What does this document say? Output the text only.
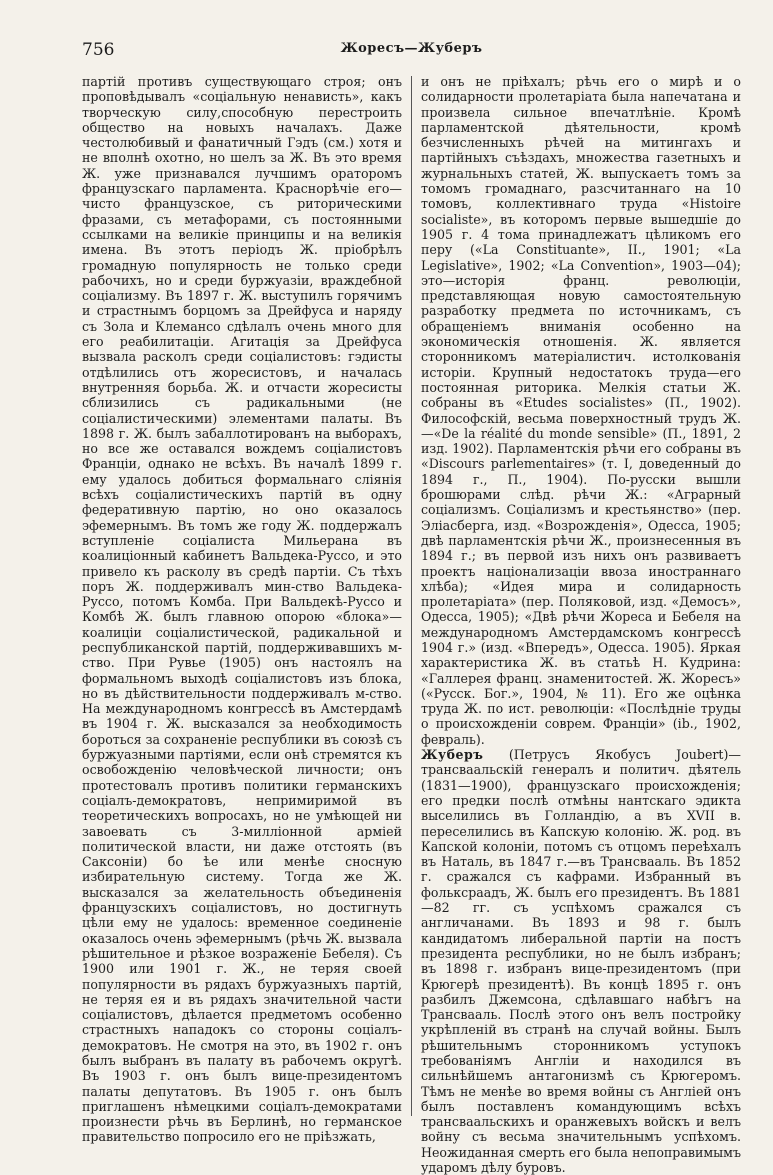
756	Жоресъ—Жуберъ

партій противъ существующаго строя; онъ проповѣдывалъ «соціальную ненависть», какъ творческую силу,способную перестроить общество на новыхъ началахъ. Даже честолюбивый и фанатичный Гэдъ (см.) хотя и не вполнѣ охотно, но шелъ за Ж. Въ это время Ж. уже признавался лучшимъ ораторомъ французскаго парламента. Краснорѣчіе его—чисто французское, съ риторическими фразами, съ метафорами, съ постоянными ссылками на великіе принципы и на великія имена. Въ этотъ періодъ Ж. пріобрѣлъ громадную популярность не только среди рабочихъ, но и среди буржуазіи, враждебной соціализму. Въ 1897 г. Ж. выступилъ горячимъ и страстнымъ борцомъ за Дрейфуса и наряду съ Зола и Клемансо сдѣлалъ очень много для его реабилитаціи. Агитація за Дрейфуса вызвала расколъ среди соціалистовъ: гэдисты отдѣлились отъ жоресистовъ, и началась внутренняя борьба. Ж. и отчасти жоресисты сблизились съ радикальными (не соціалистическими) элементами палаты. Въ 1898 г. Ж. былъ забаллотированъ на выборахъ, но все же оставался вождемъ соціалистовъ Франціи, однако не всѣхъ. Въ началѣ 1899 г. ему удалось добиться формальнаго слiянія всѣхъ соціалистическихъ партій въ одну федеративную партію, но оно оказалось эфемернымъ. Въ томъ же году Ж. поддержалъ вступленіе соціалиста Мильерана въ коалиціонный кабинетъ Вальдека-Руссо, и это привело къ расколу въ средѣ партіи. Съ тѣхъ поръ Ж. поддерживалъ мин-ство Вальдека-Руссо, потомъ Комба. При Вальдекѣ-Руссо и Комбѣ Ж. былъ главною опорою «блока»—коалиціи соціалистической, радикальной и республиканской партій, поддерживавшихъ м-ство. При Рувье (1905) онъ настоялъ на формальномъ выходѣ соціалистовъ изъ блока, но въ дѣйствительности поддерживалъ м-ство. На международномъ конгрессѣ въ Амстердамѣ въ 1904 г. Ж. высказался за необходимость бороться за сохраненіе республики въ союзѣ съ буржуазными партіями, если онѣ стремятся къ освобожденію человѣческой личности; онъ протестовалъ противъ политики германскихъ соціалъ-демократовъ, непримиримой въ теоретическихъ вопросахъ, но не умѣющей ни завоевать съ 3-милліонной арміей политической власти, ни даже отстоять (въ Саксоніи) бо ѣе или менѣе сносную избирательную систему. Тогда же Ж. высказался за желательность объединенія французскихъ соціалистовъ, но достигнуть цѣли ему не удалось: временное соединеніе оказалось очень эфемернымъ (рѣчь Ж. вызвала рѣшительное и рѣзкое возраженіе Бебеля). Съ 1900 или 1901 г. Ж., не теряя своей популярности въ рядахъ буржуазныхъ партій, не теряя ея и въ рядахъ значительной части соціалистовъ, дѣлается предметомъ особенно страстныхъ нападокъ со стороны соціалъ-демократовъ. Не смотря на это, въ 1902 г. онъ былъ выбранъ въ палату въ рабочемъ округѣ. Въ 1903 г. онъ былъ вице-президентомъ палаты депутатовъ. Въ 1905 г. онъ былъ приглашенъ нѣмецкими соціалъ-демократами произнести рѣчь въ Берлинѣ, но германское правительство попросило его не пріѣзжать,

и онъ не пріѣхалъ; рѣчь его о мирѣ и о солидарности пролетаріата была напечатана и произвела сильное впечатлѣніе. Кромѣ парламентской дѣятельности, кромѣ безчисленныхъ рѣчей на митингахъ и партійныхъ съѣздахъ, множества газетныхъ и журнальныхъ статей, Ж. выпускаетъ томъ за томомъ громаднаго, разсчитаннаго на 10 томовъ, коллективнаго труда «Histoire socialiste», въ которомъ первые вышедшіе до 1905 г. 4 тома принадлежатъ цѣликомъ его перу («La Constituante», II., 1901; «La Legislative», 1902; «La Convention», 1903—04); это—исторія франц. революціи, представляющая новую самостоятельную разработку предмета по источникамъ, съ обращеніемъ вниманія особенно на экономическія отношенія. Ж. является сторонникомъ матеріалистич. истолкованія исторіи. Крупный недостатокъ труда—его постоянная риторика. Мелкія статьи Ж. собраны въ «Etudes socialistes» (П., 1902). Философскій, весьма поверхностный трудъ Ж.—«De la réalité du monde sensible» (П., 1891, 2 изд. 1902). Парламентскія рѣчи его собраны въ «Discours parlementaires» (т. I, доведенный до 1894 г., П., 1904). По-русски вышли брошюрами слѣд. рѣчи Ж.: «Аграрный соціализмъ. Соціализмъ и крестьянство» (пер. Эліасберга, изд. «Возрожденія», Одесса, 1905; двѣ парламентскія рѣчи Ж., произнесенныя въ 1894 г.; въ первой изъ нихъ онъ развиваетъ проектъ націонализаціи ввоза иностраннаго хлѣба); «Идея мира и солидарность пролетаріата» (пер. Поляковой, изд. «Демосъ», Одесса, 1905); «Двѣ рѣчи Жореса и Бебеля на международномъ Амстердамскомъ конгрессѣ 1904 г.» (изд. «Впередъ», Одесса. 1905). Яркая характеристика Ж. въ статьѣ Н. Кудрина: «Галлерея франц. знаменитостей. Ж. Жоресъ» («Русск. Бог.», 1904, № 11). Его же оцѣнка труда Ж. по ист. революціи: «Послѣдніе труды о происхожденіи соврем. Франціи» (ib., 1902, февраль).

Жуберъ (Петрусъ Якобусъ Joubert)—трансваальскій генералъ и политич. дѣятель (1831—1900), французскаго происхожденія; его предки послѣ отмѣны нантскаго эдикта выселились въ Голландію, а въ XVII в. переселились въ Капскую колонію. Ж. род. въ Капской колоніи, потомъ съ отцомъ переѣхалъ въ Наталь, въ 1847 г.—въ Трансвааль. Въ 1852 г. сражался съ кафрами. Избранный въ фольксраадъ, Ж. былъ его президентъ. Въ 1881—82 гг. съ успѣхомъ сражался съ англичанами. Въ 1893 и 98 г. былъ кандидатомъ либеральной партіи на постъ президента республики, но не былъ избранъ; въ 1898 г. избранъ вице-президентомъ (при Крюгерѣ президентѣ). Въ концѣ 1895 г. онъ разбилъ Джемсона, сдѣлавшаго набѣгъ на Трансвааль. Послѣ этого онъ велъ постройку укрѣпленій въ странѣ на случай войны. Былъ рѣшительнымъ сторонникомъ уступокъ требованіямъ Англіи и находился въ сильнѣйшемъ антагонизмѣ съ Крюгеромъ. Тѣмъ не менѣе во время войны съ Англіей онъ былъ поставленъ командующимъ всѣхъ трансваальскихъ и оранжевыхъ войскъ и велъ войну съ весьма значительнымъ успѣхомъ. Неожиданная смерть его была непоправимымъ ударомъ дѣлу буровъ.
